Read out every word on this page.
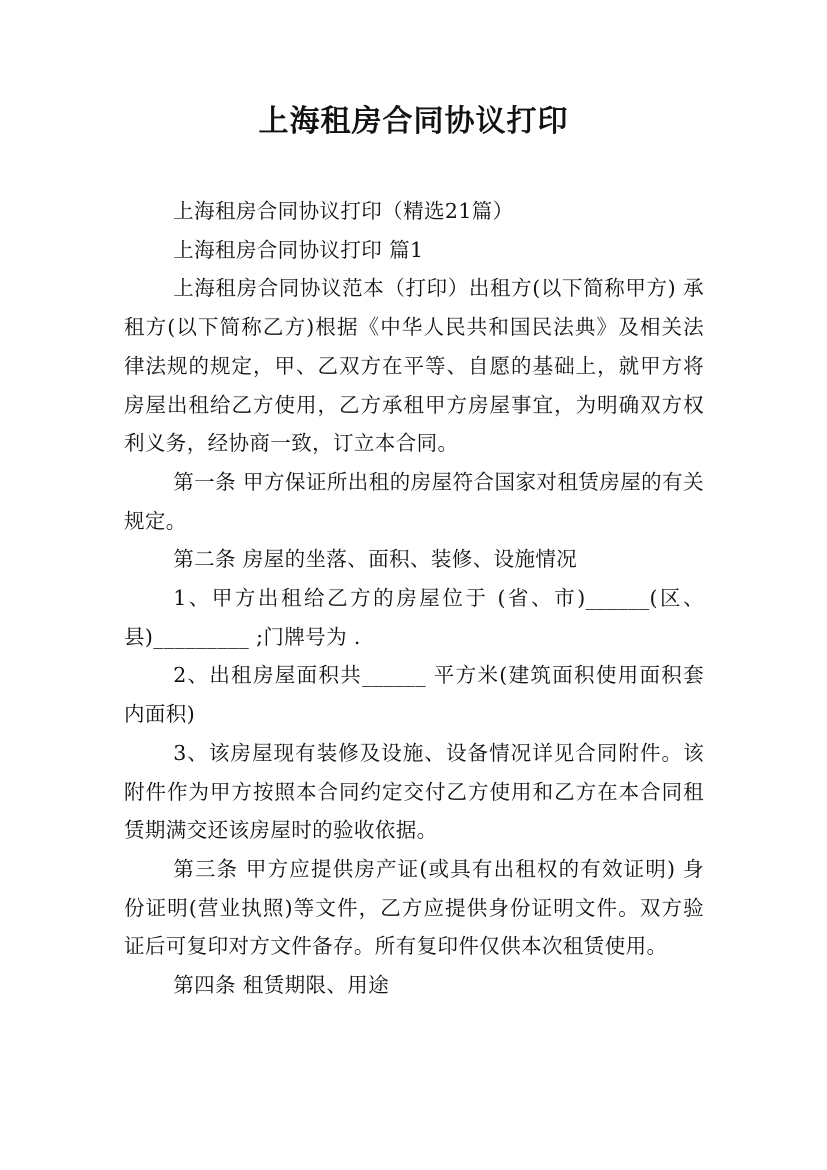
上海租房合同协议打印

上海租房合同协议打印（精选21篇）

上海租房合同协议打印 篇1

上海租房合同协议范本（打印）出租方(以下简称甲方) 承租方(以下简称乙方)根据《中华人民共和国民法典》及相关法律法规的规定，甲、乙双方在平等、自愿的基础上，就甲方将房屋出租给乙方使用，乙方承租甲方房屋事宜，为明确双方权利义务，经协商一致，订立本合同。

第一条 甲方保证所出租的房屋符合国家对租赁房屋的有关规定。

第二条 房屋的坐落、面积、装修、设施情况

1、甲方出租给乙方的房屋位于 (省、市)______(区、县)_________ ;门牌号为 .

2、出租房屋面积共______ 平方米(建筑面积使用面积套内面积)

3、该房屋现有装修及设施、设备情况详见合同附件。该附件作为甲方按照本合同约定交付乙方使用和乙方在本合同租赁期满交还该房屋时的验收依据。

第三条 甲方应提供房产证(或具有出租权的有效证明) 身份证明(营业执照)等文件，乙方应提供身份证明文件。双方验证后可复印对方文件备存。所有复印件仅供本次租赁使用。

第四条 租赁期限、用途
